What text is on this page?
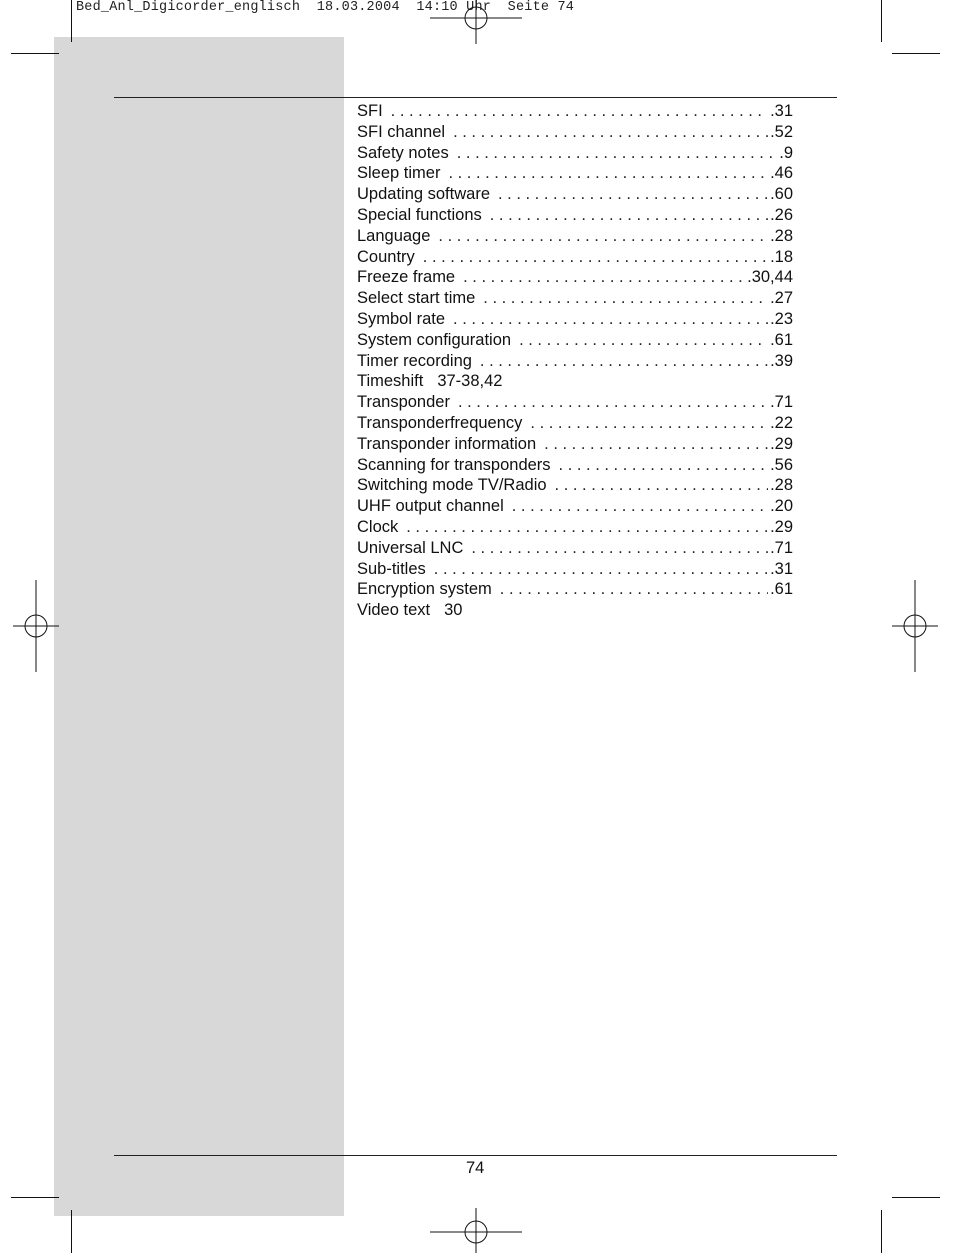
Bed_Anl_Digicorder_englisch  18.03.2004  14:10 Uhr  Seite 74
SFI . . .	.31
SFI channel . . .	.52
Safety notes . . .	.9
Sleep timer . . .	.46
Updating software . . .	.60
Special functions . . .	.26
Language . . .	.28
Country . . .	.18
Freeze frame . . .	.30,44
Select start time . . .	.27
Symbol rate . . .	.23
System configuration . . .	.61
Timer recording . . .	.39
Timeshift 37-38,42
Transponder . . .	.71
Transponderfrequency . . .	.22
Transponder information . . .	.29
Scanning for transponders . . .	.56
Switching mode TV/Radio . . .	.28
UHF output channel . . .	.20
Clock . . .	.29
Universal LNC . . .	.71
Sub-titles . . .	.31
Encryption system . . .	.61
Video text 30
74
